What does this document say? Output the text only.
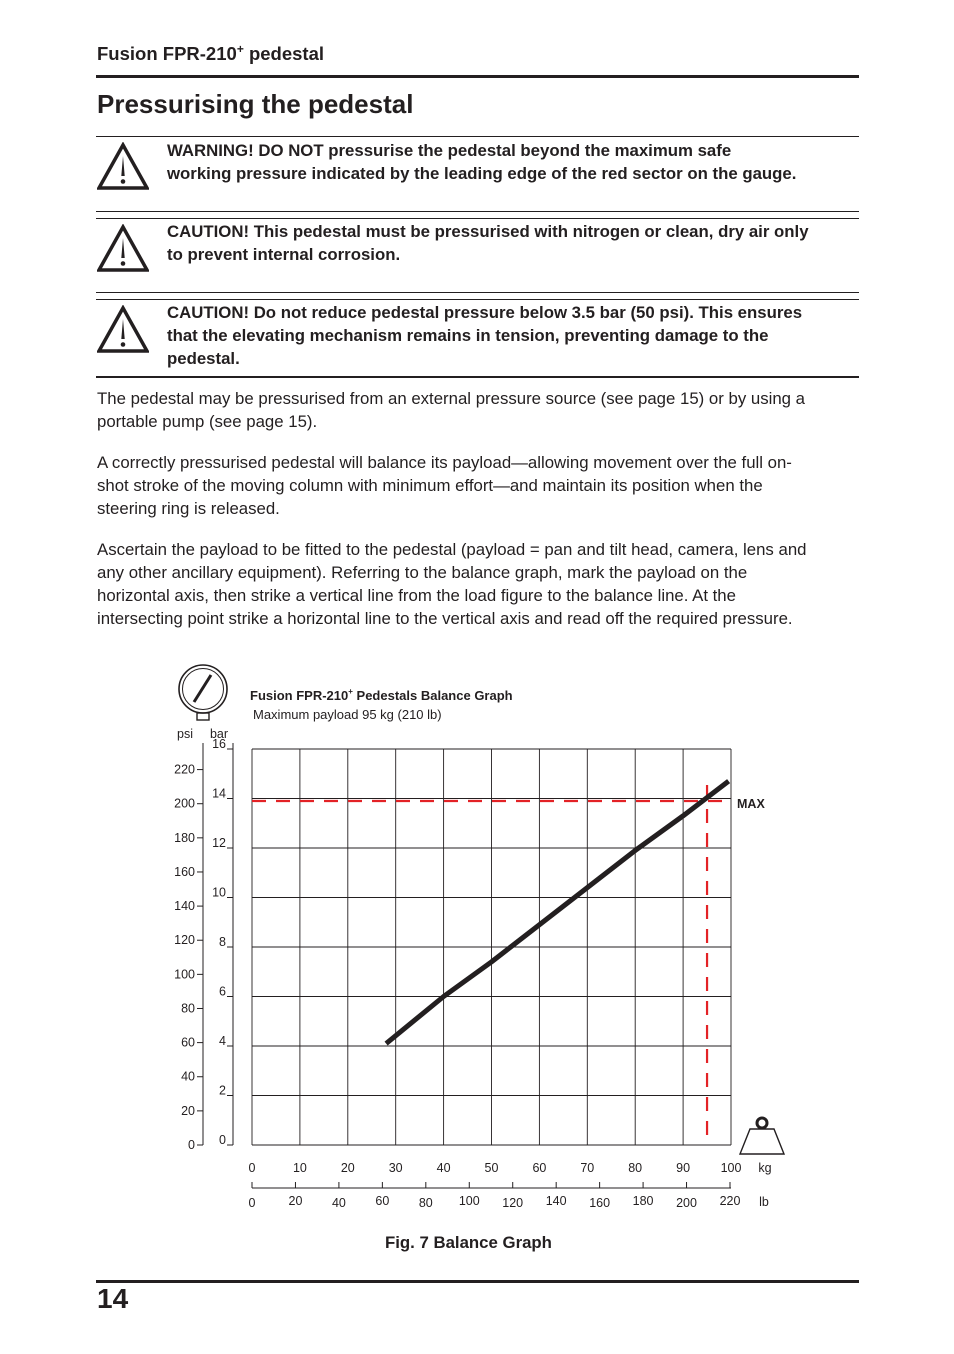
Fusion FPR-210+ pedestal
Pressurising the pedestal
WARNING! DO NOT pressurise the pedestal beyond the maximum safe
working pressure indicated by the leading edge of the red sector on the gauge.
CAUTION! This pedestal must be pressurised with nitrogen or clean, dry air only
to prevent internal corrosion.
CAUTION! Do not reduce pedestal pressure below 3.5 bar (50 psi). This ensures
that the elevating mechanism remains in tension, preventing damage to the
pedestal.
The pedestal may be pressurised from an external pressure source (see page 15) or by using a
portable pump (see page 15).
A correctly pressurised pedestal will balance its payload—allowing movement over the full on-
shot stroke of the moving column with minimum effort—and maintain its position when the
steering ring is released.
Ascertain the payload to be fitted to the pedestal (payload = pan and tilt head, camera, lens and
any other ancillary equipment). Referring to the balance graph, mark the payload on the
horizontal axis, then strike a vertical line from the load figure to the balance line. At the
intersecting point strike a horizontal line to the vertical axis and read off the required pressure.
Fusion FPR-210+ Pedestals Balance Graph
Maximum payload 95 kg (210 lb)
0
2
4
6
8
10
12
14
16
bar
0
20
40
60
80
100
120
140
160
180
200
220
psi
0	10	20	30	40	50	60	70	80	90 100 kg
0	20 40 60 80 100 120 140 160 180 200 220 lb
MAX
Fig. 7 Balance Graph
14
